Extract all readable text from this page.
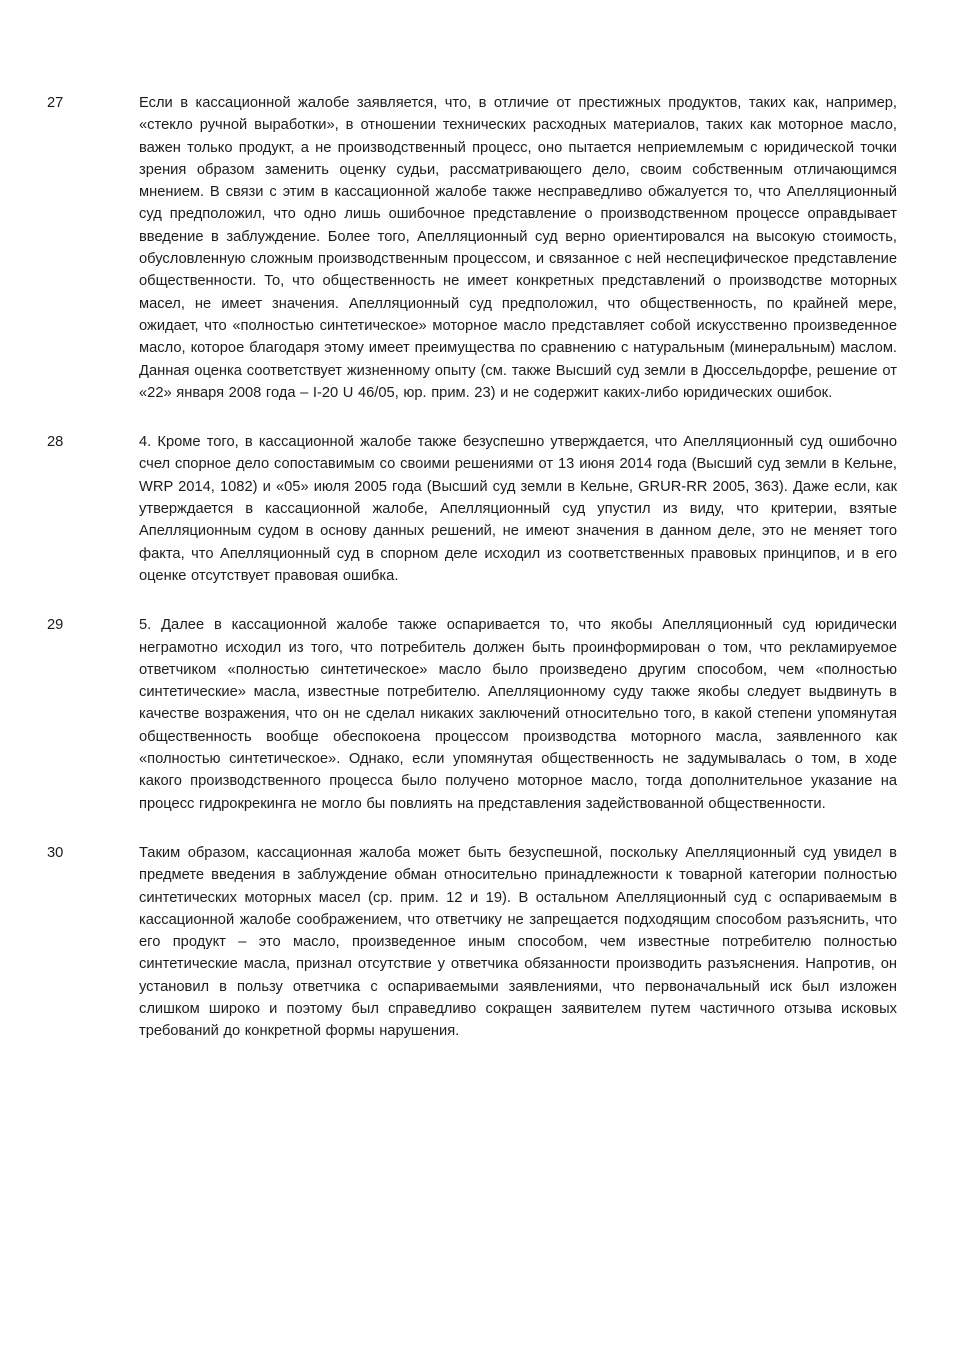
27	Если в кассационной жалобе заявляется, что, в отличие от престижных продуктов, таких как, например, «стекло ручной выработки», в отношении технических расходных материалов, таких как моторное масло, важен только продукт, а не производственный процесс, оно пытается неприемлемым с юридической точки зрения образом заменить оценку судьи, рассматривающего дело, своим собственным отличающимся мнением. В связи с этим в кассационной жалобе также несправедливо обжалуется то, что Апелляционный суд предположил, что одно лишь ошибочное представление о производственном процессе оправдывает введение в заблуждение. Более того, Апелляционный суд верно ориентировался на высокую стоимость, обусловленную сложным производственным процессом, и связанное с ней неспецифическое представление общественности. То, что общественность не имеет конкретных представлений о производстве моторных масел, не имеет значения. Апелляционный суд предположил, что общественность, по крайней мере, ожидает, что «полностью синтетическое» моторное масло представляет собой искусственно произведенное масло, которое благодаря этому имеет преимущества по сравнению с натуральным (минеральным) маслом. Данная оценка соответствует жизненному опыту (см. также Высший суд земли в Дюссельдорфе, решение от «22» января 2008 года – I-20 U 46/05, юр. прим. 23) и не содержит каких-либо юридических ошибок.
28	4. Кроме того, в кассационной жалобе также безуспешно утверждается, что Апелляционный суд ошибочно счел спорное дело сопоставимым со своими решениями от 13 июня 2014 года (Высший суд земли в Кельне, WRP 2014, 1082) и «05» июля 2005 года (Высший суд земли в Кельне, GRUR-RR 2005, 363). Даже если, как утверждается в кассационной жалобе, Апелляционный суд упустил из виду, что критерии, взятые Апелляционным судом в основу данных решений, не имеют значения в данном деле, это не меняет того факта, что Апелляционный суд в спорном деле исходил из соответственных правовых принципов, и в его оценке отсутствует правовая ошибка.
29	5. Далее в кассационной жалобе также оспаривается то, что якобы Апелляционный суд юридически неграмотно исходил из того, что потребитель должен быть проинформирован о том, что рекламируемое ответчиком «полностью синтетическое» масло было произведено другим способом, чем «полностью синтетические» масла, известные потребителю. Апелляционному суду также якобы следует выдвинуть в качестве возражения, что он не сделал никаких заключений относительно того, в какой степени упомянутая общественность вообще обеспокоена процессом производства моторного масла, заявленного как «полностью синтетическое». Однако, если упомянутая общественность не задумывалась о том, в ходе какого производственного процесса было получено моторное масло, тогда дополнительное указание на процесс гидрокрекинга не могло бы повлиять на представления задействованной общественности.
30	Таким образом, кассационная жалоба может быть безуспешной, поскольку Апелляционный суд увидел в предмете введения в заблуждение обман относительно принадлежности к товарной категории полностью синтетических моторных масел (ср. прим. 12 и 19). В остальном Апелляционный суд с оспариваемым в кассационной жалобе соображением, что ответчику не запрещается подходящим способом разъяснить, что его продукт – это масло, произведенное иным способом, чем известные потребителю полностью синтетические масла, признал отсутствие у ответчика обязанности производить разъяснения. Напротив, он установил в пользу ответчика с оспариваемыми заявлениями, что первоначальный иск был изложен слишком широко и поэтому был справедливо сокращен заявителем путем частичного отзыва исковых требований до конкретной формы нарушения.
